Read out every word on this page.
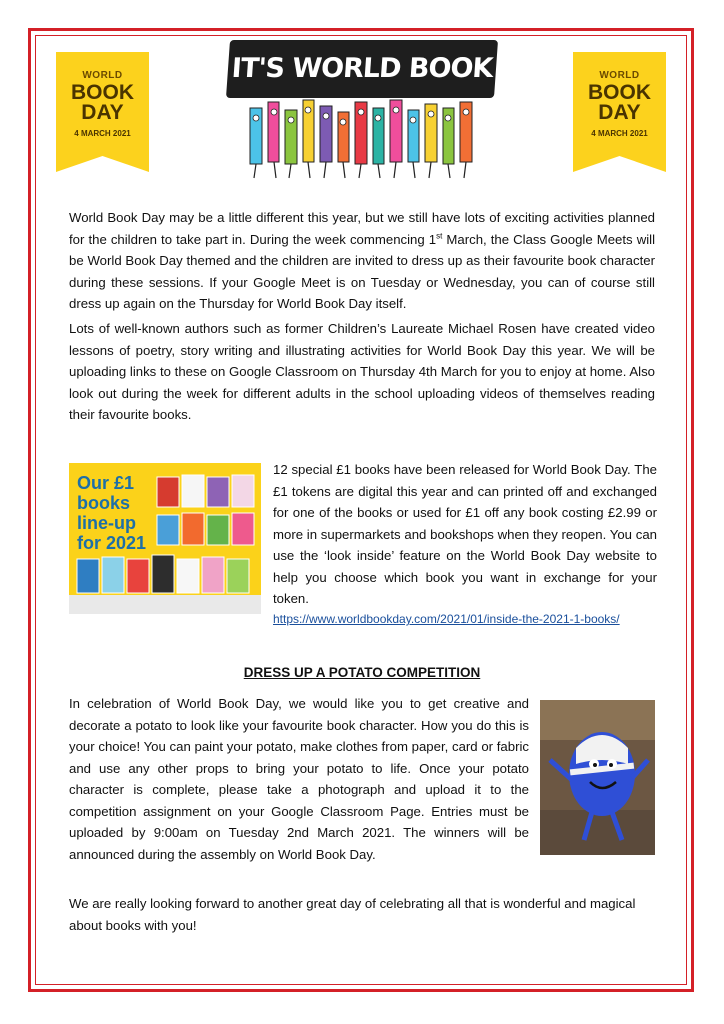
WORLD
BOOK
DAY
4 MARCH 2021
WORLD
BOOK
DAY
4 MARCH 2021
IT'S WORLD BOOK

World Book Day may be a little different this year, but we still have lots of exciting activities planned for the children to take part in. During the week commencing 1st March, the Class Google Meets will be World Book Day themed and the children are invited to dress up as their favourite book character during these sessions. If your Google Meet is on Tuesday or Wednesday, you can of course still dress up again on the Thursday for World Book Day itself.

Lots of well-known authors such as former Children’s Laureate Michael Rosen have created video lessons of poetry, story writing and illustrating activities for World Book Day this year. We will be uploading links to these on Google Classroom on Thursday 4th March for you to enjoy at home. Also look out during the week for different adults in the school uploading videos of themselves reading their favourite books.

Our £1 books line-up for 2021

12 special £1 books have been released for World Book Day. The £1 tokens are digital this year and can printed off and exchanged for one of the books or used for £1 off any book costing £2.99 or more in supermarkets and bookshops when they reopen. You can use the ‘look inside’ feature on the World Book Day website to help you choose which book you want in exchange for your token.

https://www.worldbookday.com/2021/01/inside-the-2021-1-books/
DRESS UP A POTATO COMPETITION

In celebration of World Book Day, we would like you to get creative and decorate a potato to look like your favourite book character. How you do this is your choice! You can paint your potato, make clothes from paper, card or fabric and use any other props to bring your potato to life. Once your potato character is complete, please take a photograph and upload it to the competition assignment on your Google Classroom Page. Entries must be uploaded by 9:00am on Tuesday 2nd March 2021. The winners will be announced during the assembly on World Book Day.

We are really looking forward to another great day of celebrating all that is wonderful and magical about books with you!
